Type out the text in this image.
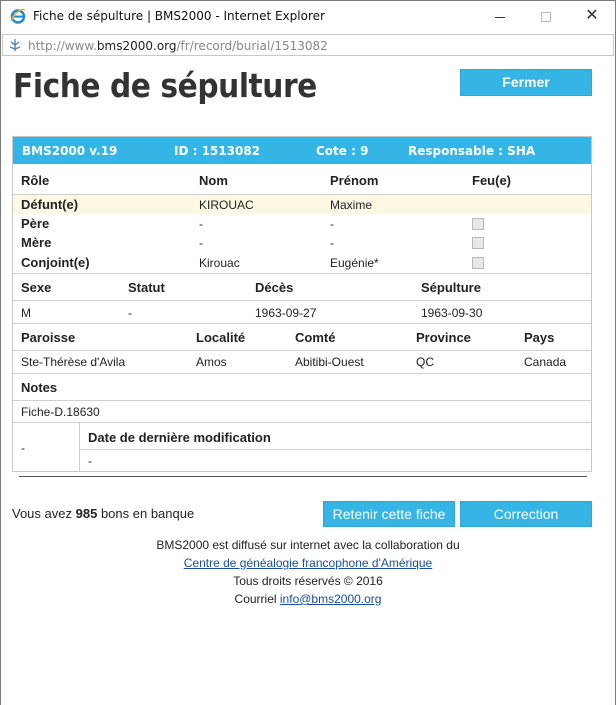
Fiche de sépulture | BMS2000 - Internet Explorer	✕
http://www.bms2000.org/fr/record/burial/1513082
Fiche de sépulture	Fermer
BMS2000 v.19	ID : 1513082	Cote : 9	Responsable : SHA
Rôle	Nom	Prénom	Feu(e)
Défunt(e)	KIROUAC	Maxime
Père	-	-
Mère	-	-
Conjoint(e)	Kirouac	Eugénie*
Sexe	Statut	Décès	Sépulture
M	-	1963-09-27	1963-09-30
Paroisse	Localité	Comté	Province	Pays
Ste-Thérèse d'Avila	Amos	Abitibi-Ouest	QC	Canada
Notes
Fiche-D.18630
-
Date de dernière modification
-
Vous avez 985 bons en banque	Retenir cette fiche	Correction
BMS2000 est diffusé sur internet avec la collaboration du
Centre de généalogie francophone d'Amérique
Tous droits réservés © 2016
Courriel info@bms2000.org
